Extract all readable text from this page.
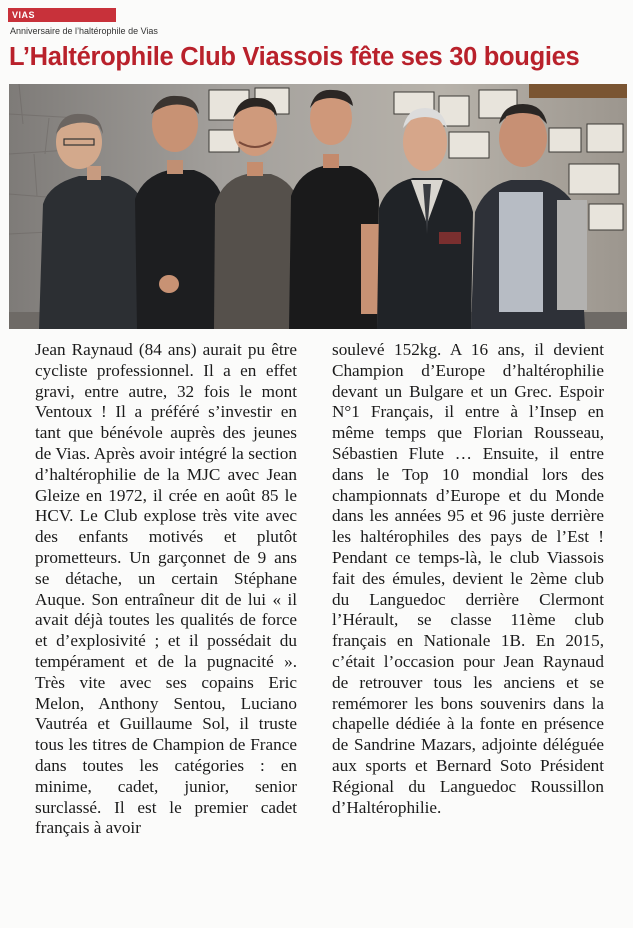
VIAS
Anniversaire de l’haltérophile de Vias
L’Haltérophile Club Viassois fête ses 30 bougies

Jean Raynaud (84 ans) aurait pu être cycliste professionnel. Il a en effet gravi, entre autre, 32 fois le mont Ventoux ! Il a préféré s’investir en tant que bénévole auprès des jeunes de Vias. Après avoir intégré la section d’haltérophilie de la MJC avec Jean Gleize en 1972, il crée en août 85 le HCV. Le Club explose très vite avec des enfants motivés et plutôt prometteurs. Un garçonnet de 9 ans se détache, un certain Stéphane Auque. Son entraîneur dit de lui « il avait déjà toutes les qualités de force et d’explosivité ; et il possédait du tempérament et de la pugnacité ». Très vite avec ses copains Eric Melon, Anthony Sentou, Luciano Vautréa et Guillaume Sol, il truste tous les titres de Champion de France dans toutes les catégories : en minime, cadet, junior, senior surclassé. Il est le premier cadet français à avoir

soulevé 152kg. A 16 ans, il devient Champion d’Europe d’haltérophilie devant un Bulgare et un Grec. Espoir N°1 Français, il entre à l’Insep en même temps que Florian Rousseau, Sébastien Flute … Ensuite, il entre dans le Top 10 mondial lors des championnats d’Europe et du Monde dans les années 95 et 96 juste derrière les haltérophiles des pays de l’Est ! Pendant ce temps-là, le club Viassois fait des émules, devient le 2ème club du Languedoc derrière Clermont l’Hérault, se classe 11ème club français en Nationale 1B. En 2015, c’était l’occasion pour Jean Raynaud de retrouver tous les anciens et se remémorer les bons souvenirs dans la chapelle dédiée à la fonte en présence de Sandrine Mazars, adjointe déléguée aux sports et Bernard Soto Président Régional du Languedoc Roussillon d’Haltérophilie.
